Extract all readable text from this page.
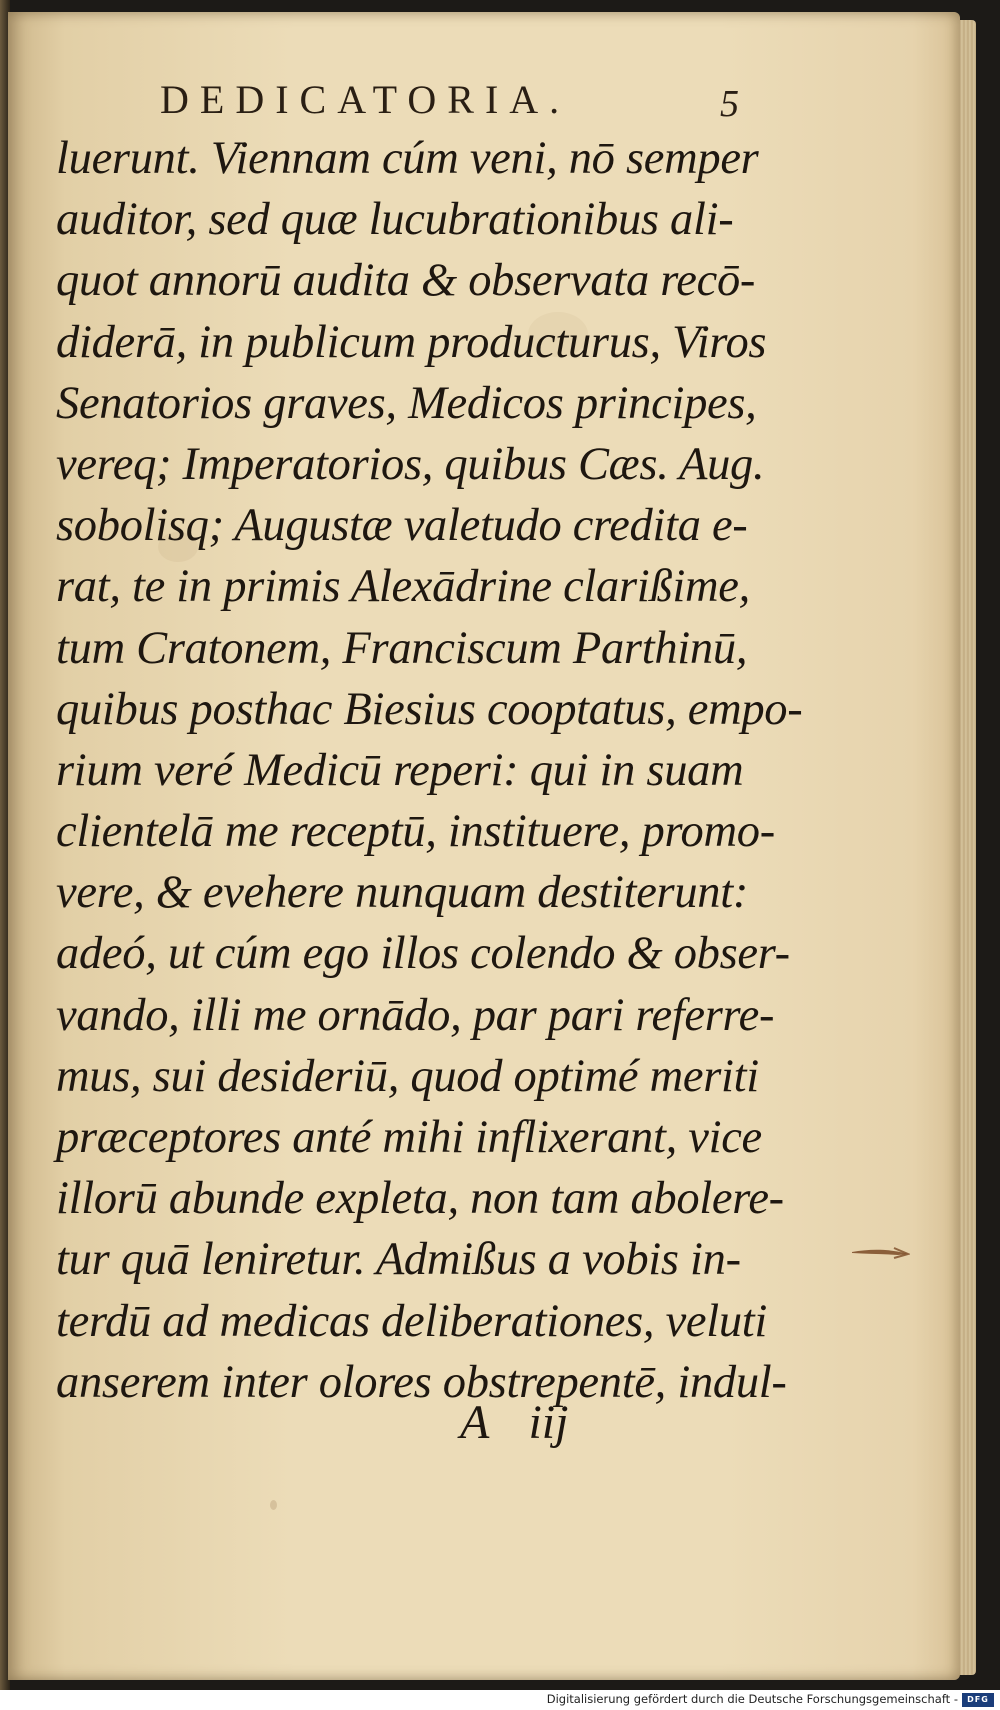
DEDICATORIA.	5
luerunt. Viennam cúm veni, nō semper
auditor, sed quæ lucubrationibus ali-
quot annorū audita & observata recō-
diderā, in publicum producturus, Viros
Senatorios graves, Medicos principes,
vereq; Imperatorios, quibus Cæs. Aug.
sobolisq; Augustæ valetudo credita e-
rat, te in primis Alexādrine clarißime,
tum Cratonem, Franciscum Parthinū,
quibus posthac Biesius cooptatus, empo-
rium veré Medicū reperi: qui in suam
clientelā me receptū, instituere, promo-
vere, & evehere nunquam destiterunt:
adeó, ut cúm ego illos colendo & obser-
vando, illi me ornādo, par pari referre-
mus, sui desideriū, quod optimé meriti
præceptores anté mihi inflixerant, vice
illorū abunde expleta, non tam abolere-
tur quā leniretur. Admißus a vobis in-
terdū ad medicas deliberationes, veluti
anserem inter olores obstrepentē, indul-
A iij
Digitalisierung gefördert durch die Deutsche Forschungsgemeinschaft -	DFG
